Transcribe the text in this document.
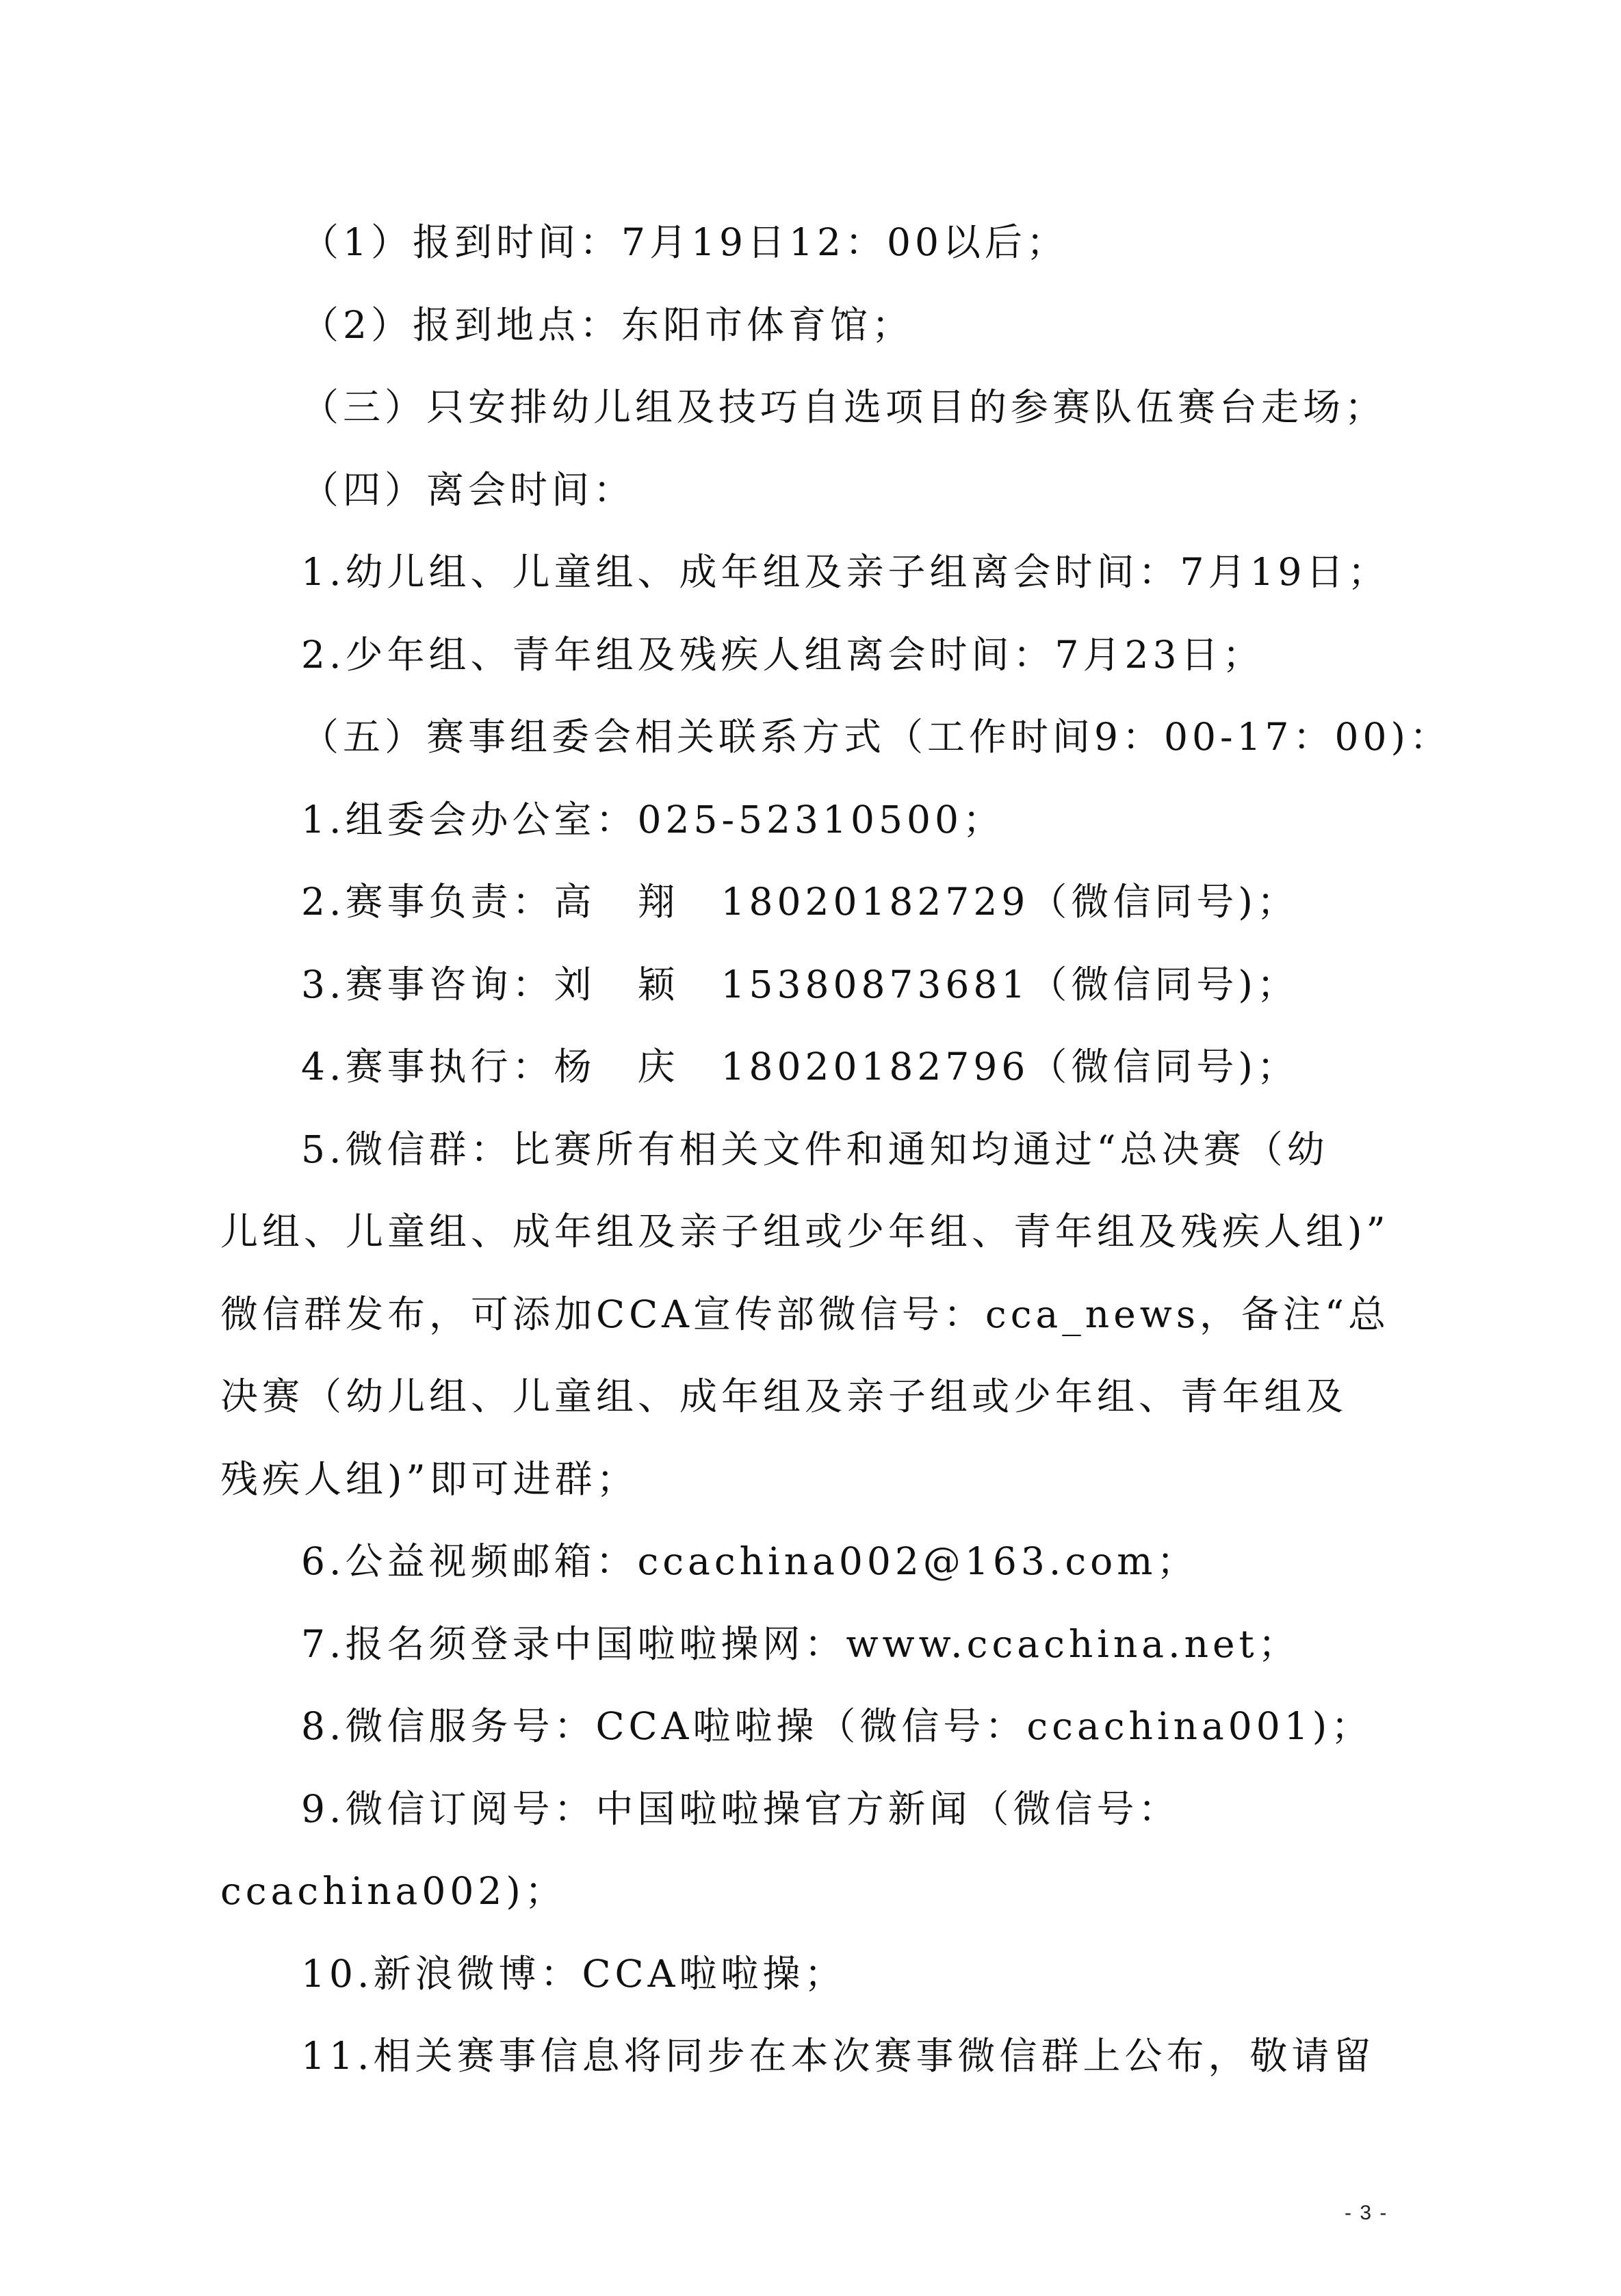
（1）报到时间：7月19日12：00以后；
（2）报到地点：东阳市体育馆；
（三）只安排幼儿组及技巧自选项目的参赛队伍赛台走场；
（四）离会时间：
1.幼儿组、儿童组、成年组及亲子组离会时间：7月19日；
2.少年组、青年组及残疾人组离会时间：7月23日；
（五）赛事组委会相关联系方式（工作时间9：00-17：00)：
1.组委会办公室：025-52310500；
2.赛事负责：高　翔　18020182729（微信同号)；
3.赛事咨询：刘　颖　15380873681（微信同号)；
4.赛事执行：杨　庆　18020182796（微信同号)；
5.微信群：比赛所有相关文件和通知均通过“总决赛（幼
儿组、儿童组、成年组及亲子组或少年组、青年组及残疾人组)”
微信群发布，可添加CCA宣传部微信号：cca_news，备注“总
决赛（幼儿组、儿童组、成年组及亲子组或少年组、青年组及
残疾人组)”即可进群；
6.公益视频邮箱：ccachina002@163.com；
7.报名须登录中国啦啦操网：www.ccachina.net；
8.微信服务号：CCA啦啦操（微信号：ccachina001)；
9.微信订阅号：中国啦啦操官方新闻（微信号：
ccachina002)；
10.新浪微博：CCA啦啦操；
11.相关赛事信息将同步在本次赛事微信群上公布，敬请留
- 3 -
